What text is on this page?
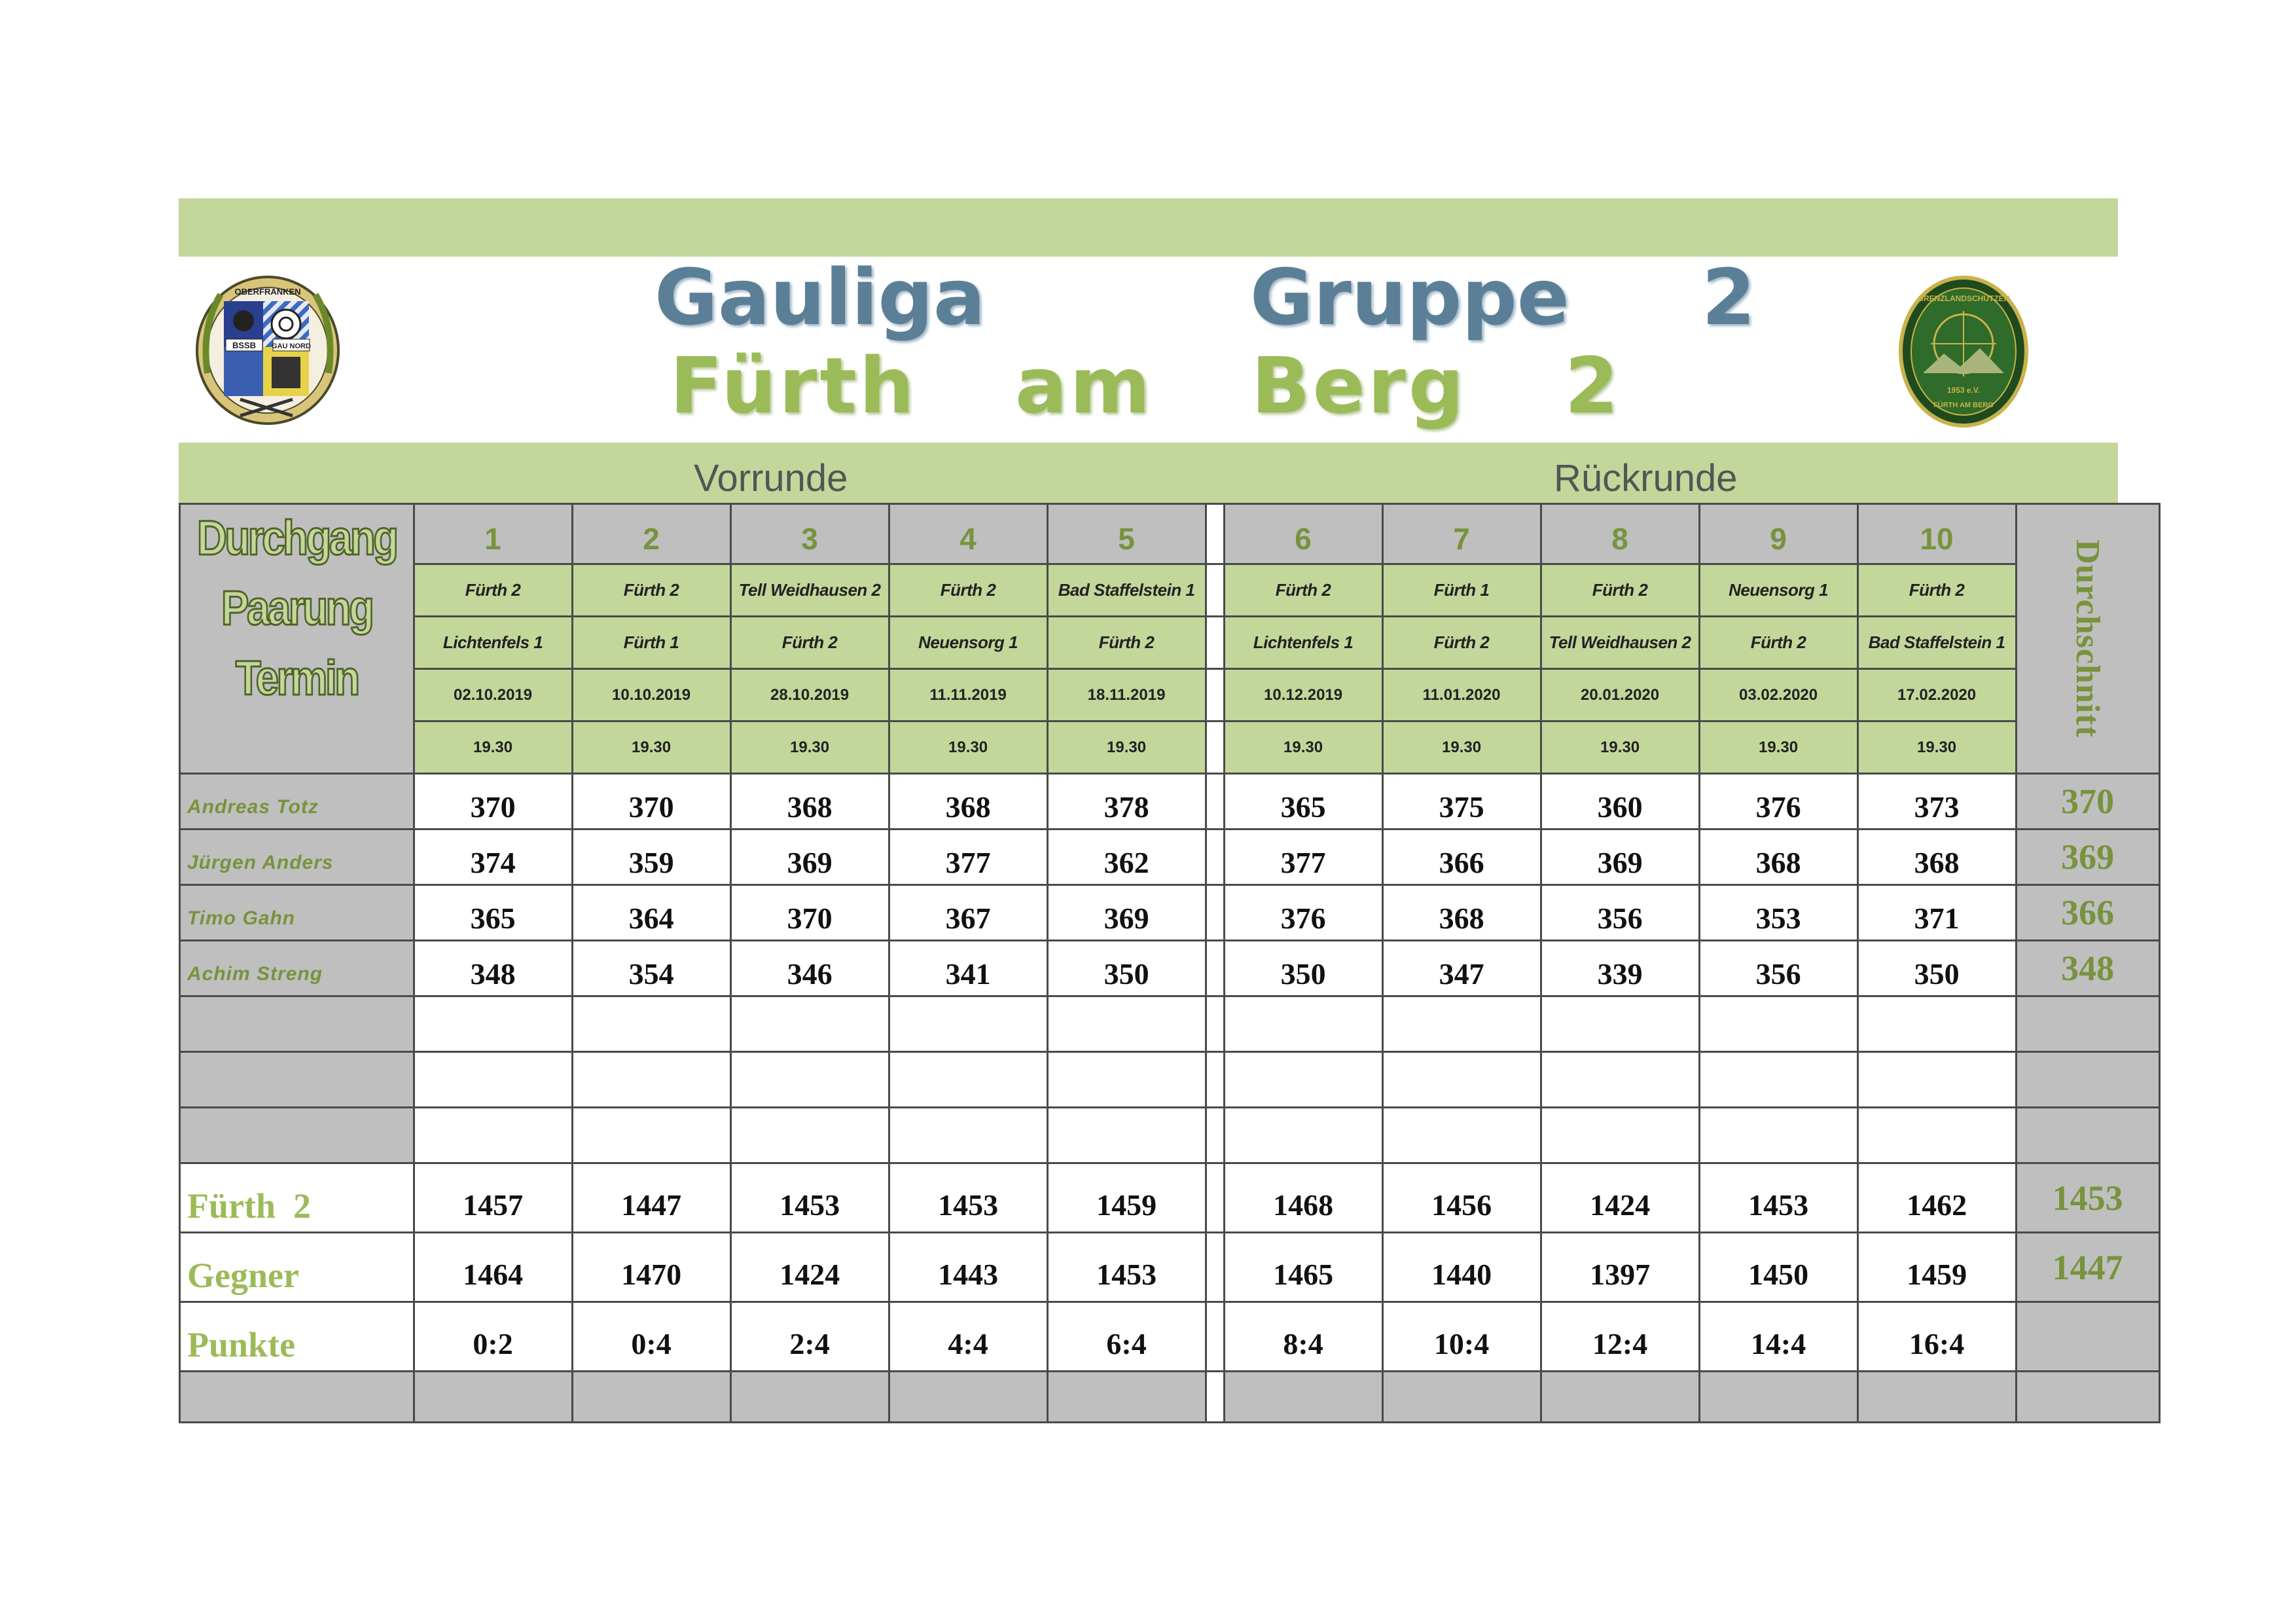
BSSB GAU NORD
OBERFRANKEN	Gauliga    Gruppe  2
Fürth  am  Berg  2
GRENZLANDSCHÜTZEN
1953 e.V.
FÜRTH AM BERG
Vorrunde	Rückrunde
Durchgang
Paarung
Termin	1	2	3	4	5		6	7	8	9	10	Durchschnitt

	Fürth 2	Fürth 2	Tell Weidhausen 2	Fürth 2	Bad Staffelstein 1		Fürth 2	Fürth 1	Fürth 2	Neuensorg 1	Fürth 2	
	Lichtenfels 1	Fürth 1	Fürth 2	Neuensorg 1	Fürth 2		Lichtenfels 1	Fürth 2	Tell Weidhausen 2	Fürth 2	Bad Staffelstein 1	
	02.10.2019	10.10.2019	28.10.2019	11.11.2019	18.11.2019		10.12.2019	11.01.2020	20.01.2020	03.02.2020	17.02.2020	
	19.30	19.30	19.30	19.30	19.30		19.30	19.30	19.30	19.30	19.30	
Andreas Totz	370	370	368	368	378		365	375	360	376	373	370
Jürgen Anders	374	359	369	377	362		377	366	369	368	368	369
Timo Gahn	365	364	370	367	369		376	368	356	353	371	366
Achim Streng	348	354	346	341	350		350	347	339	356	350	348

Fürth  2	1457	1447	1453	1453	1459		1468	1456	1424	1453	1462	1453
Gegner	1464	1470	1424	1443	1453		1465	1440	1397	1450	1459	1447
Punkte	0:2	0:4	2:4	4:4	6:4		8:4	10:4	12:4	14:4	16:4	
